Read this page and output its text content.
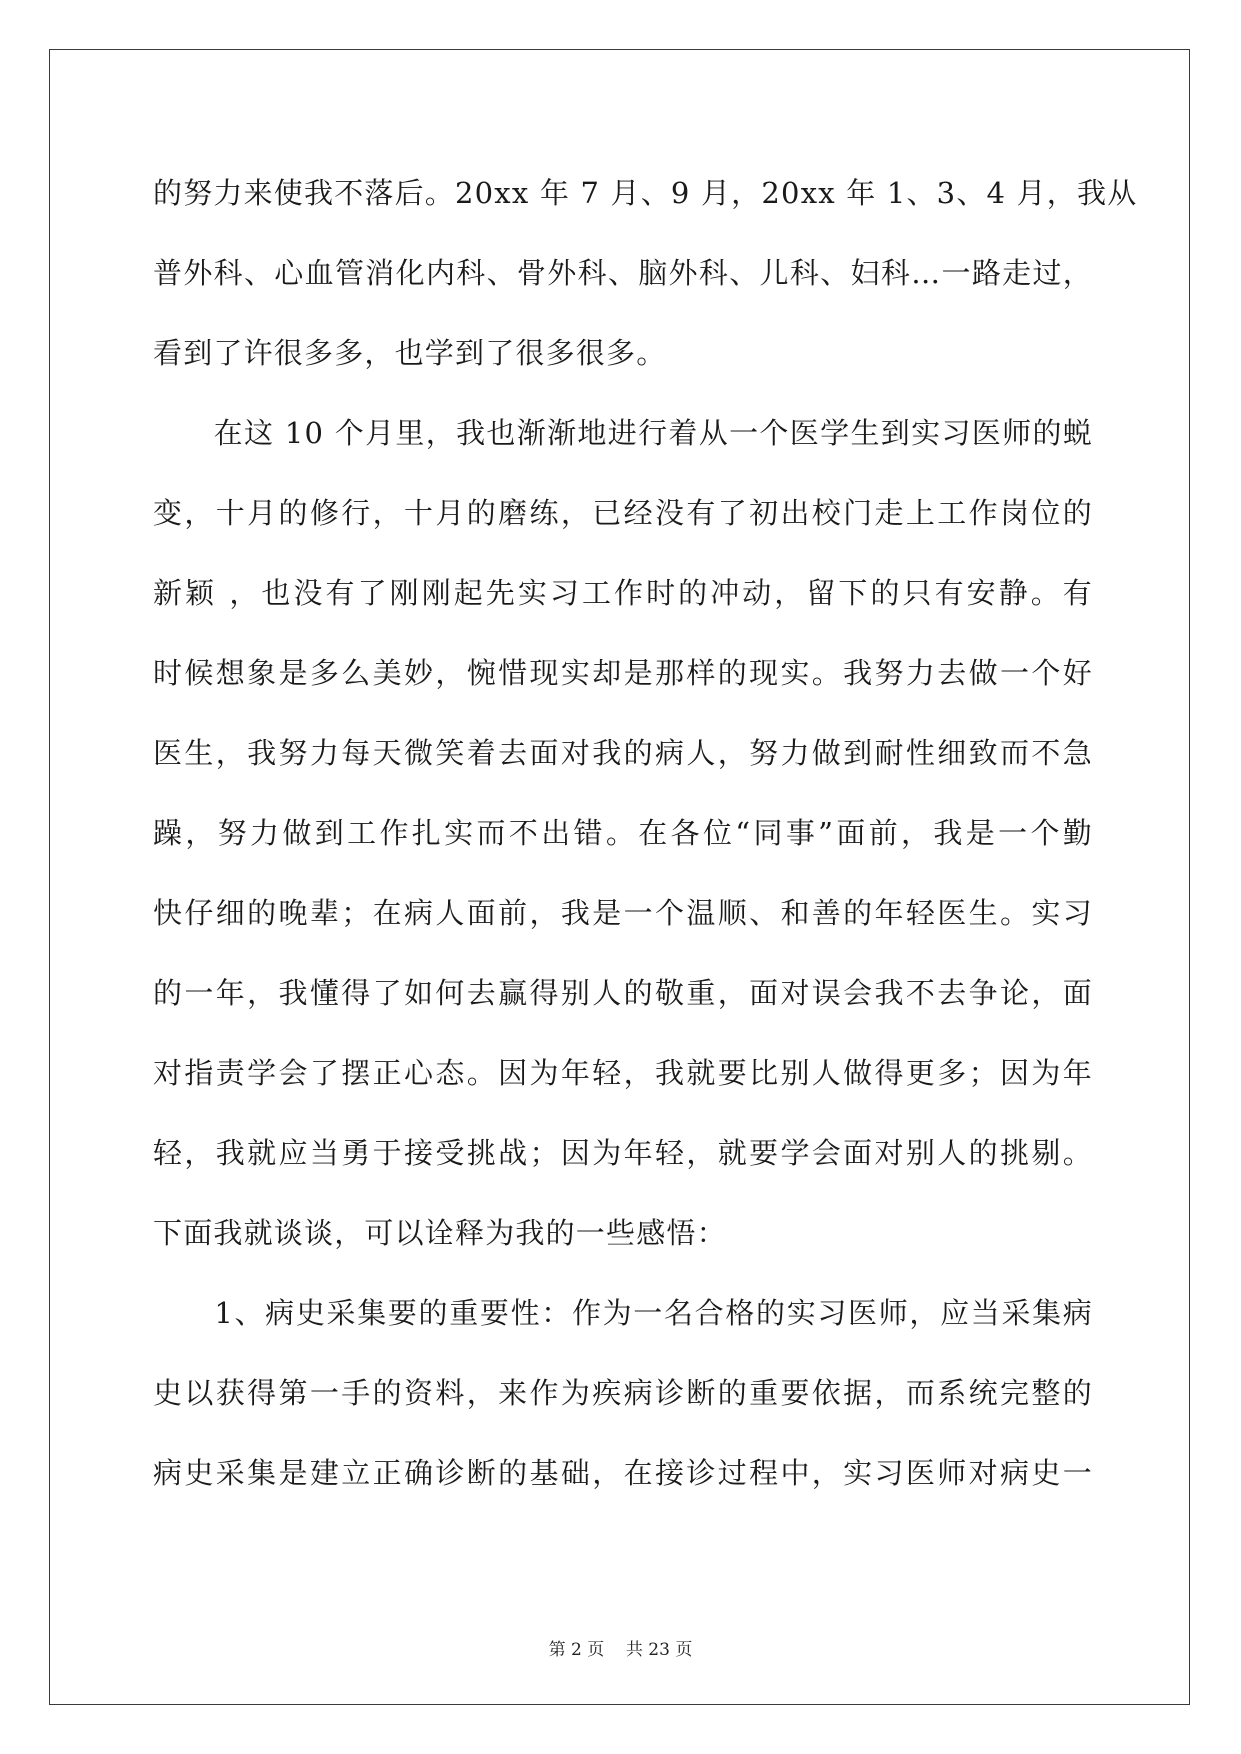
的努力来使我不落后。20xx 年 7 月、9 月，20xx 年 1、3、4 月，我从
普外科、心血管消化内科、骨外科、脑外科、儿科、妇科…一路走过，
看到了许很多多，也学到了很多很多。
　　在这 10 个月里，我也渐渐地进行着从一个医学生到实习医师的蜕
变，十月的修行，十月的磨练，已经没有了初出校门走上工作岗位的
新颖 ，也没有了刚刚起先实习工作时的冲动，留下的只有安静。有
时候想象是多么美妙，惋惜现实却是那样的现实。我努力去做一个好
医生，我努力每天微笑着去面对我的病人，努力做到耐性细致而不急
躁，努力做到工作扎实而不出错。在各位“同事”面前，我是一个勤
快仔细的晚辈；在病人面前，我是一个温顺、和善的年轻医生。实习
的一年，我懂得了如何去赢得别人的敬重，面对误会我不去争论，面
对指责学会了摆正心态。因为年轻，我就要比别人做得更多；因为年
轻，我就应当勇于接受挑战；因为年轻，就要学会面对别人的挑剔。
下面我就谈谈，可以诠释为我的一些感悟：
　　1、病史采集要的重要性：作为一名合格的实习医师，应当采集病
史以获得第一手的资料，来作为疾病诊断的重要依据，而系统完整的
病史采集是建立正确诊断的基础，在接诊过程中，实习医师对病史一
第 2 页 共 23 页
